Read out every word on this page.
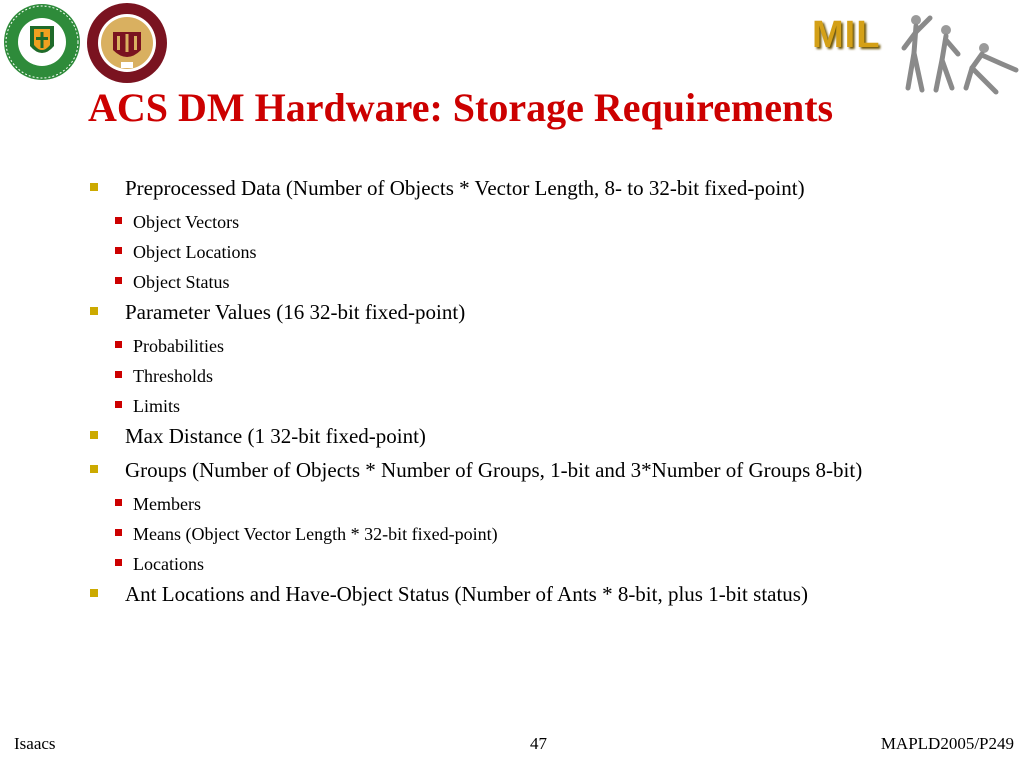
MIL
ACS DM Hardware: Storage Requirements
Preprocessed Data (Number of Objects * Vector Length, 8- to 32-bit fixed-point)
Object Vectors
Object Locations
Object Status
Parameter Values (16 32-bit fixed-point)
Probabilities
Thresholds
Limits
Max Distance (1 32-bit fixed-point)
Groups (Number of Objects * Number of Groups, 1-bit and 3*Number of Groups 8-bit)
Members
Means (Object Vector Length * 32-bit fixed-point)
Locations
Ant Locations and Have-Object Status (Number of Ants * 8-bit, plus 1-bit status)
Isaacs	47	MAPLD2005/P249
